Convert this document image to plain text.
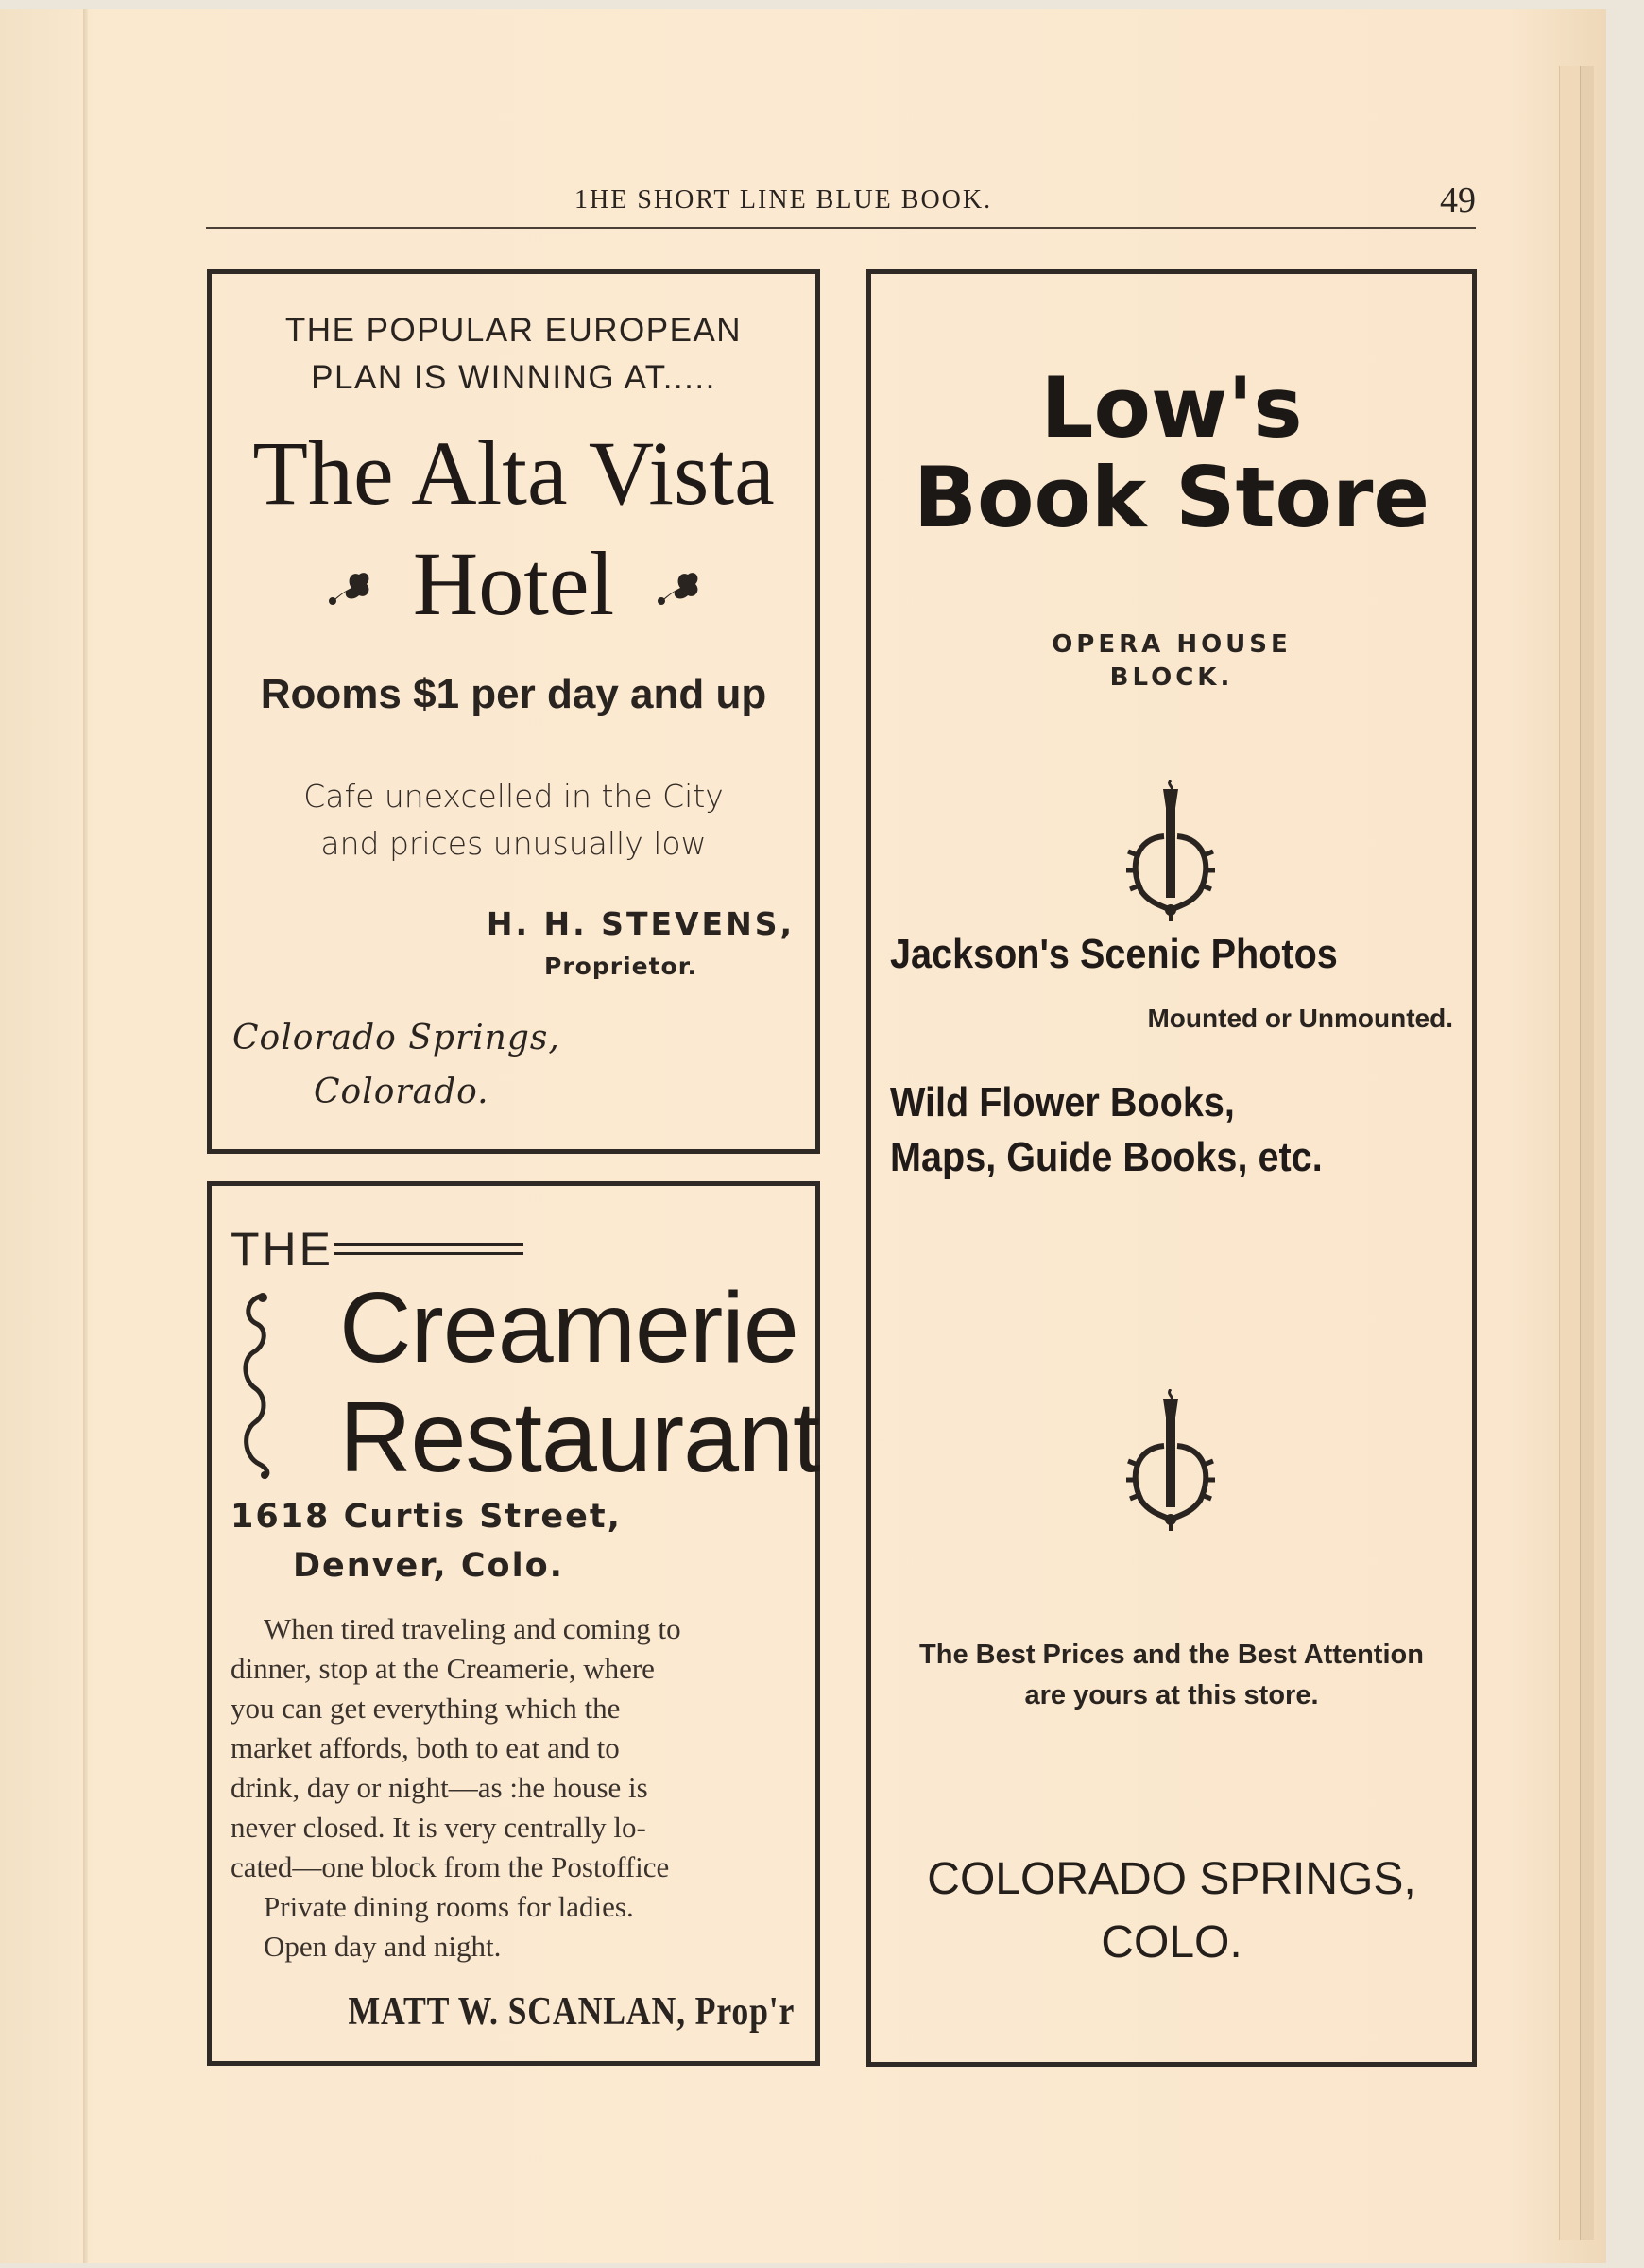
1HE SHORT LINE BLUE BOOK.	49
THE POPULAR EUROPEAN
PLAN IS WINNING AT.....
The Alta Vista
Hotel
Rooms $1 per day and up
Cafe unexcelled in the City
and prices unusually low
H. H. STEVENS,
Proprietor.
Colorado Springs,
Colorado.
THE
Creamerie
Restaurant
1618 Curtis Street,
Denver, Colo.
When tired traveling and coming to
dinner, stop at the Creamerie, where
you can get everything which the
market affords, both to eat and to
drink, day or night—as :he house is
never closed. It is very centrally lo-
cated—one block from the Postoffice
Private dining rooms for ladies.
Open day and night.
MATT W. SCANLAN, Prop'r
Low's
Book Store
OPERA HOUSE
BLOCK.
Jackson's Scenic Photos
Mounted or Unmounted.
Wild Flower Books,
Maps, Guide Books, etc.
The Best Prices and the Best Attention
are yours at this store.
COLORADO SPRINGS,
COLO.
